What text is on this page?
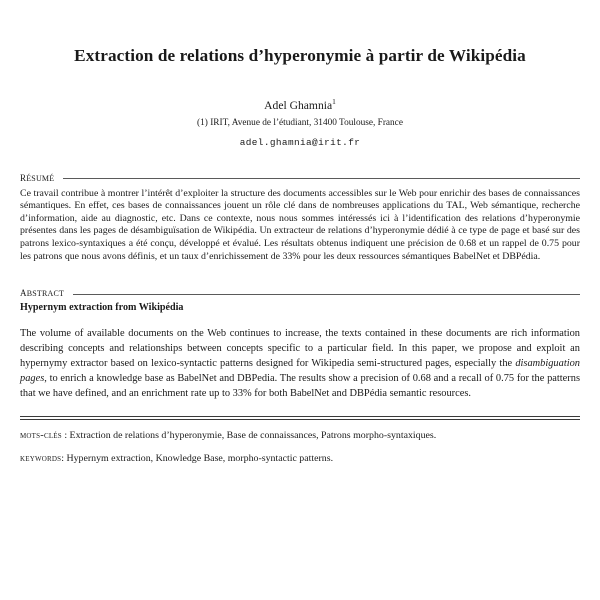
Extraction de relations d’hyperonymie à partir de Wikipédia
Adel Ghamnia$^1$
(1) IRIT, Avenue de l’étudiant, 31400 Toulouse, France
adel.ghamnia@irit.fr
résumé

Ce travail contribue à montrer l’intérêt d’exploiter la structure des documents accessibles sur le Web pour enrichir des bases de connaissances sémantiques. En effet, ces bases de connaissances jouent un rôle clé dans de nombreuses applications du TAL, Web sémantique, recherche d’information, aide au diagnostic, etc. Dans ce contexte, nous nous sommes intéressés ici à l’identification des relations d’hyperonymie présentes dans les pages de désambiguïsation de Wikipédia. Un extracteur de relations d’hyperonymie dédié à ce type de page et basé sur des patrons lexico-syntaxiques a été conçu, développé et évalué. Les résultats obtenus indiquent une précision de 0.68 et un rappel de 0.75 pour les patrons que nous avons définis, et un taux d’enrichissement de 33% pour les deux ressources sémantiques BabelNet et DBPédia.

abstract
Hypernym extraction from Wikipédia

The volume of available documents on the Web continues to increase, the texts contained in these documents are rich information describing concepts and relationships between concepts specific to a particular field. In this paper, we propose and exploit an hypernymy extractor based on lexico-syntactic patterns designed for Wikipedia semi-structured pages, especially the disambiguation pages, to enrich a knowledge base as BabelNet and DBPedia. The results show a precision of 0.68 and a recall of 0.75 for the patterns that we have defined, and an enrichment rate up to 33% for both BabelNet and DBPédia semantic resources.

mots-clés : Extraction de relations d’hyperonymie, Base de connaissances, Patrons morpho-syntaxiques.

keywords: Hypernym extraction, Knowledge Base, morpho-syntactic patterns.
